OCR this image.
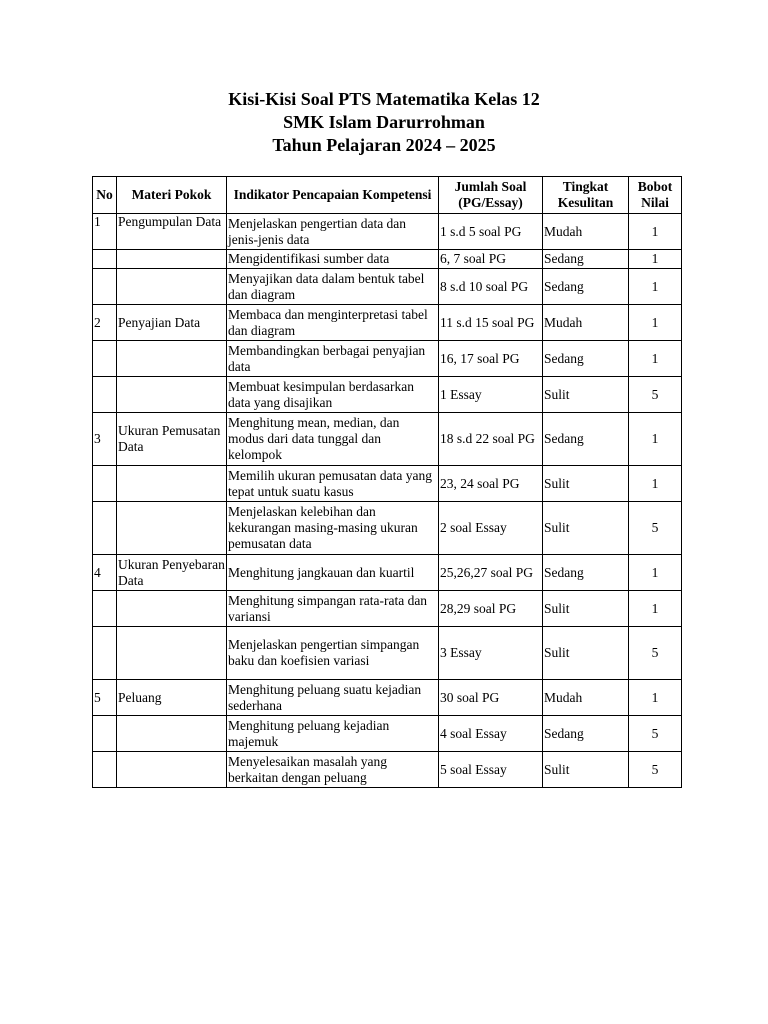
Kisi-Kisi Soal PTS Matematika Kelas 12
SMK Islam Darurrohman
Tahun Pelajaran 2024 – 2025
No	Materi Pokok	Indikator Pencapaian Kompetensi	Jumlah Soal (PG/Essay)	Tingkat Kesulitan	Bobot Nilai
1	Pengumpulan Data	Menjelaskan pengertian data dan jenis-jenis data	1 s.d 5 soal PG	Mudah	1
		Mengidentifikasi sumber data	6, 7 soal PG	Sedang	1
		Menyajikan data dalam bentuk tabel dan diagram	8 s.d 10 soal PG	Sedang	1
2	Penyajian Data	Membaca dan menginterpretasi tabel dan diagram	11 s.d 15 soal PG	Mudah	1
		Membandingkan berbagai penyajian data	16, 17 soal PG	Sedang	1
		Membuat kesimpulan berdasarkan data yang disajikan	1 Essay	Sulit	5
3	Ukuran Pemusatan Data	Menghitung mean, median, dan modus dari data tunggal dan kelompok	18 s.d 22 soal PG	Sedang	1
		Memilih ukuran pemusatan data yang tepat untuk suatu kasus	23, 24 soal PG	Sulit	1
		Menjelaskan kelebihan dan kekurangan masing-masing ukuran pemusatan data	2 soal Essay	Sulit	5
4	Ukuran Penyebaran Data	Menghitung jangkauan dan kuartil	25,26,27 soal PG	Sedang	1
		Menghitung simpangan rata-rata dan variansi	28,29 soal PG	Sulit	1
		Menjelaskan pengertian simpangan baku dan koefisien variasi	3 Essay	Sulit	5
5	Peluang	Menghitung peluang suatu kejadian sederhana	30 soal PG	Mudah	1
		Menghitung peluang kejadian majemuk	4 soal Essay	Sedang	5
		Menyelesaikan masalah yang berkaitan dengan peluang	5 soal Essay	Sulit	5
